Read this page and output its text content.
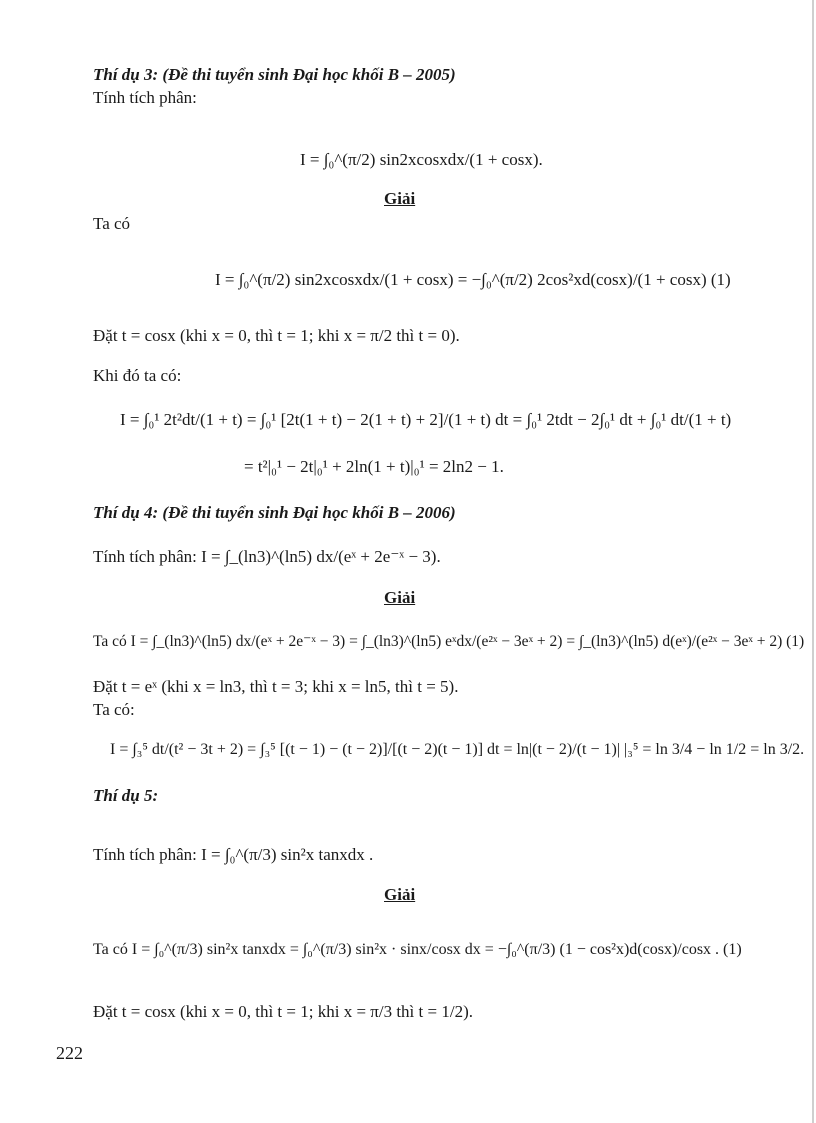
Thí dụ 3: (Đề thi tuyển sinh Đại học khối B – 2005)
Tính tích phân:
I = ∫₀^(π/2) sin2xcosxdx/(1 + cosx).
Giải
Ta có
I = ∫₀^(π/2) sin2xcosxdx/(1 + cosx) = −∫₀^(π/2) 2cos²xd(cosx)/(1 + cosx) (1)
Đặt t = cosx (khi x = 0, thì t = 1; khi x = π/2 thì t = 0).
Khi đó ta có:
I = ∫₀¹ 2t²dt/(1 + t) = ∫₀¹ [2t(1 + t) − 2(1 + t) + 2]/(1 + t) dt = ∫₀¹ 2tdt − 2∫₀¹ dt + ∫₀¹ dt/(1 + t)
= t²|₀¹ − 2t|₀¹ + 2ln(1 + t)|₀¹ = 2ln2 − 1.
Thí dụ 4: (Đề thi tuyển sinh Đại học khối B – 2006)
Tính tích phân: I = ∫_(ln3)^(ln5) dx/(eˣ + 2e⁻ˣ − 3).
Giải
Ta có I = ∫_(ln3)^(ln5) dx/(eˣ + 2e⁻ˣ − 3) = ∫_(ln3)^(ln5) eˣdx/(e²ˣ − 3eˣ + 2) = ∫_(ln3)^(ln5) d(eˣ)/(e²ˣ − 3eˣ + 2) (1)
Đặt t = eˣ (khi x = ln3, thì t = 3; khi x = ln5, thì t = 5).
Ta có:
I = ∫₃⁵ dt/(t² − 3t + 2) = ∫₃⁵ [(t − 1) − (t − 2)]/[(t − 2)(t − 1)] dt = ln|(t − 2)/(t − 1)| |₃⁵ = ln 3/4 − ln 1/2 = ln 3/2.
Thí dụ 5:
Tính tích phân: I = ∫₀^(π/3) sin²x tanxdx .
Giải
Ta có I = ∫₀^(π/3) sin²x tanxdx = ∫₀^(π/3) sin²x · sinx/cosx dx = −∫₀^(π/3) (1 − cos²x)d(cosx)/cosx . (1)
Đặt t = cosx (khi x = 0, thì t = 1; khi x = π/3 thì t = 1/2).
222
